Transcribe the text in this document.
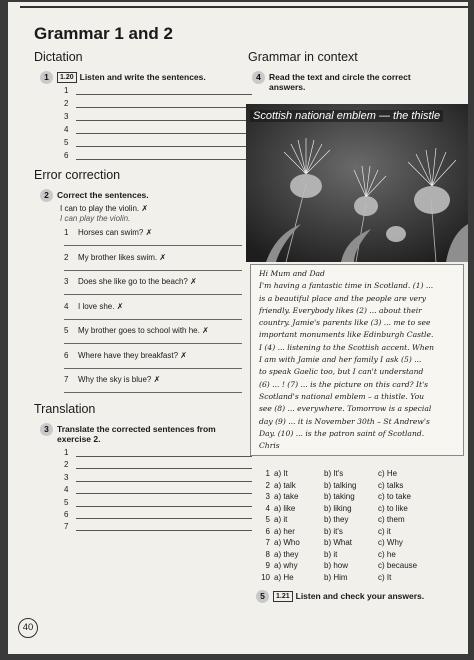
Grammar 1 and 2
Dictation
1 1.20 Listen and write the sentences.
1
2
3
4
5
6
Error correction
2 Correct the sentences.
I can to play the violin. ✗
I can play the violin.
1 Horses can swim? ✗
2 My brother likes swim. ✗
3 Does she like go to the beach? ✗
4 I love she. ✗
5 My brother goes to school with he. ✗
6 Where have they breakfast? ✗
7 Why the sky is blue? ✗
Translation
3 Translate the corrected sentences from
exercise 2.
1
2
3
4
5
6
7
Grammar in context
4 Read the text and circle the correct
answers.
Scottish national emblem — the thistle
Hi Mum and Dad
I'm having a fantastic time in Scotland. (1) ...
is a beautiful place and the people are very
friendly. Everybody likes (2) ... about their
country. Jamie's parents like (3) ... me to see
important monuments like Edinburgh Castle.
I (4) ... listening to the Scottish accent. When
I am with Jamie and her family I ask (5) ...
to speak Gaelic too, but I can't understand
(6) ... ! (7) ... is the picture on this card? It's
Scotland's national emblem – a thistle. You
see (8) ... everywhere. Tomorrow is a special
day (9) ... it is November 30th – St Andrew's
Day. (10) ... is the patron saint of Scotland.
Chris
1 a) It	b) It's	c) He
2 a) talk	b) talking	c) talks
3 a) take	b) taking	c) to take
4 a) like	b) liking	c) to like
5 a) it	b) they	c) them
6 a) her	b) it's	c) it
7 a) Who	b) What	c) Why
8 a) they	b) it	c) he
9 a) why	b) how	c) because
10 a) He	b) Him	c) It
5 1.21 Listen and check your answers.
40
